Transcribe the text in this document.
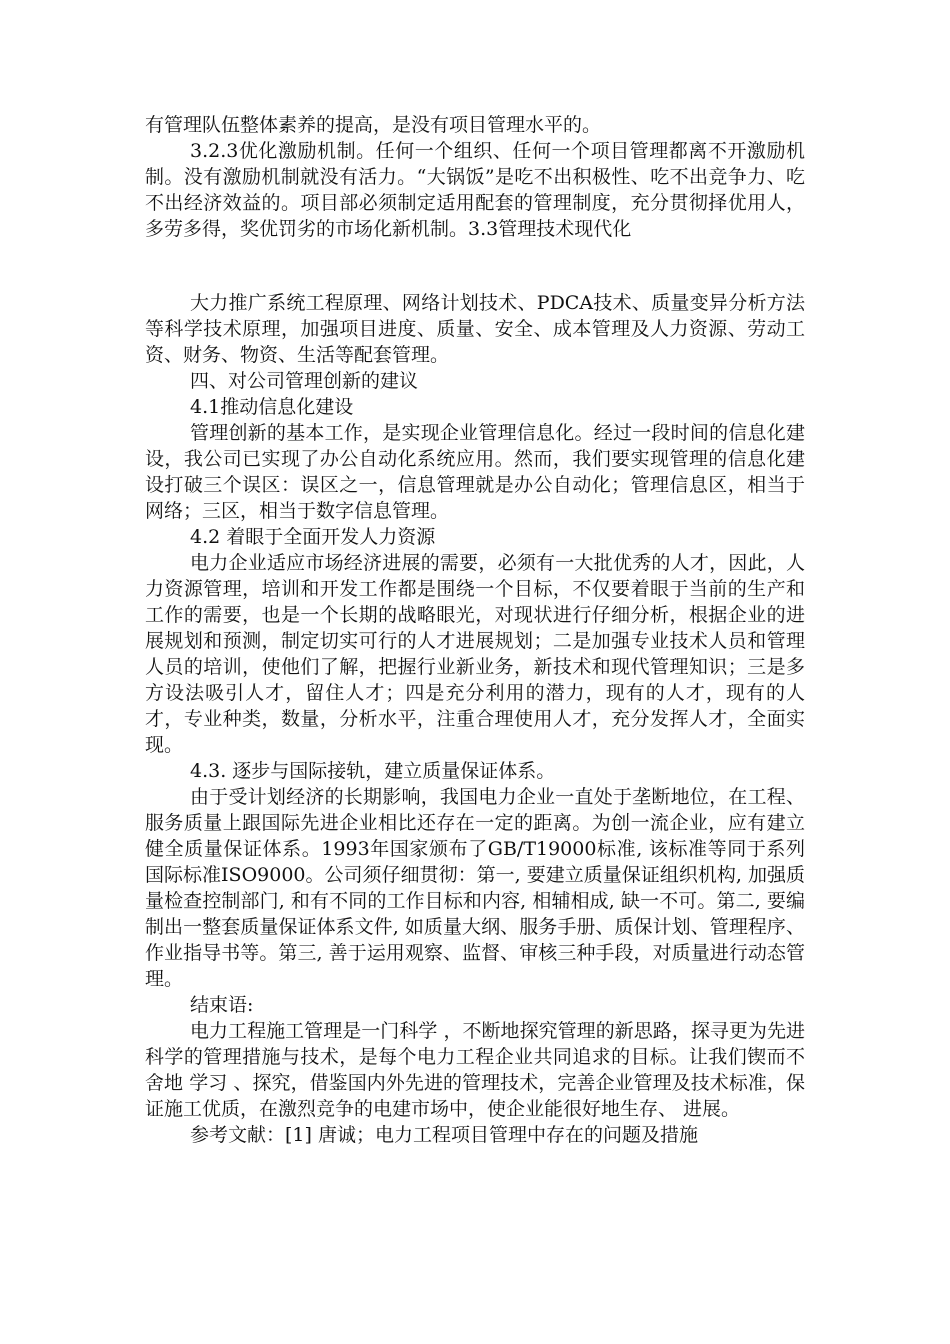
有管理队伍整体素养的提高，是没有项目管理水平的。

3.2.3优化激励机制。任何一个组织、任何一个项目管理都离不开激励机制。没有激励机制就没有活力。“大锅饭”是吃不出积极性、吃不出竞争力、吃不出经济效益的。项目部必须制定适用配套的管理制度，充分贯彻择优用人，多劳多得，奖优罚劣的市场化新机制。3.3管理技术现代化

大力推广系统工程原理、网络计划技术、PDCA技术、质量变异分析方法等科学技术原理，加强项目进度、质量、安全、成本管理及人力资源、劳动工资、财务、物资、生活等配套管理。

四、对公司管理创新的建议

4.1推动信息化建设

管理创新的基本工作，是实现企业管理信息化。经过一段时间的信息化建设，我公司已实现了办公自动化系统应用。然而，我们要实现管理的信息化建设打破三个误区：误区之一，信息管理就是办公自动化；管理信息区，相当于网络；三区，相当于数字信息管理。

4.2 着眼于全面开发人力资源

电力企业适应市场经济进展的需要，必须有一大批优秀的人才，因此，人力资源管理，培训和开发工作都是围绕一个目标，不仅要着眼于当前的生产和工作的需要，也是一个长期的战略眼光，对现状进行仔细分析，根据企业的进展规划和预测，制定切实可行的人才进展规划；二是加强专业技术人员和管理人员的培训，使他们了解，把握行业新业务，新技术和现代管理知识；三是多方设法吸引人才，留住人才；四是充分利用的潜力，现有的人才，现有的人才，专业种类，数量，分析水平，注重合理使用人才，充分发挥人才，全面实现。

4.3. 逐步与国际接轨，建立质量保证体系。

由于受计划经济的长期影响，我国电力企业一直处于垄断地位，在工程、服务质量上跟国际先进企业相比还存在一定的距离。为创一流企业，应有建立健全质量保证体系。1993年国家颁布了GB/T19000标准, 该标准等同于系列国际标准ISO9000。公司须仔细贯彻：第一, 要建立质量保证组织机构, 加强质量检查控制部门, 和有不同的工作目标和内容, 相辅相成, 缺一不可。第二, 要编制出一整套质量保证体系文件, 如质量大纲、服务手册、质保计划、管理程序、作业指导书等。第三, 善于运用观察、监督、审核三种手段，对质量进行动态管理。

结束语:

电力工程施工管理是一门科学 ，不断地探究管理的新思路，探寻更为先进科学的管理措施与技术，是每个电力工程企业共同追求的目标。让我们锲而不舍地 学习 、探究，借鉴国内外先进的管理技术，完善企业管理及技术标准，保证施工优质，在激烈竞争的电建市场中，使企业能很好地生存、 进展。

参考文献：[1] 唐诚；电力工程项目管理中存在的问题及措施
